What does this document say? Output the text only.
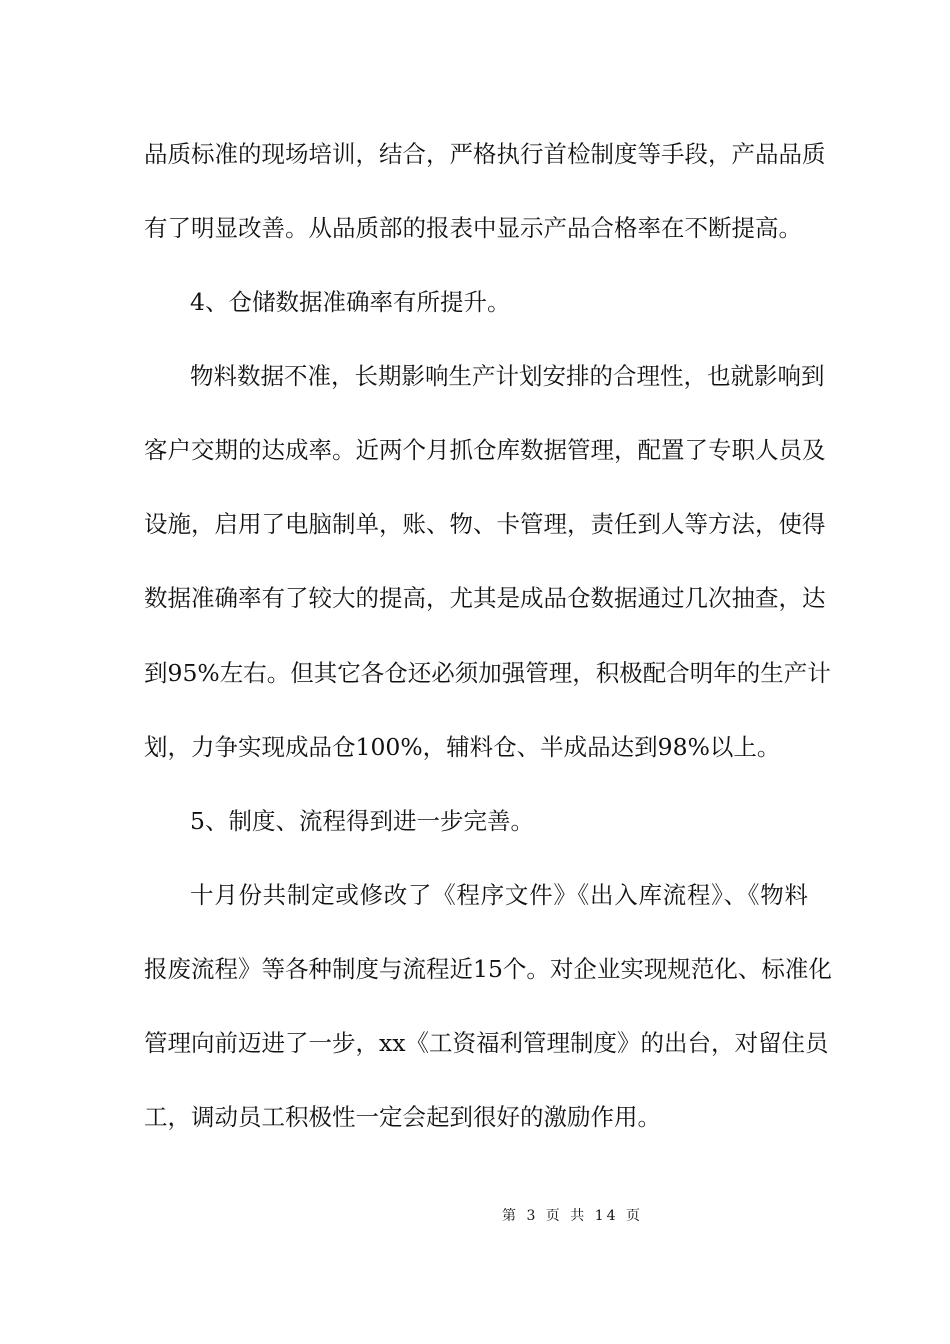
品质标准的现场培训，结合，严格执行首检制度等手段，产品品质
有了明显改善。从品质部的报表中显示产品合格率在不断提高。
4、仓储数据准确率有所提升。
物料数据不准，长期影响生产计划安排的合理性，也就影响到
客户交期的达成率。近两个月抓仓库数据管理，配置了专职人员及
设施，启用了电脑制单，账、物、卡管理，责任到人等方法，使得
数据准确率有了较大的提高，尤其是成品仓数据通过几次抽查，达
到95%左右。但其它各仓还必须加强管理，积极配合明年的生产计
划，力争实现成品仓100%，辅料仓、半成品达到98%以上。
5、制度、流程得到进一步完善。
十月份共制定或修改了《程序文件》《出入库流程》、《物料
报废流程》等各种制度与流程近15个。对企业实现规范化、标准化
管理向前迈进了一步，xx《工资福利管理制度》的出台，对留住员
工，调动员工积极性一定会起到很好的激励作用。
第 3 页 共 14 页
